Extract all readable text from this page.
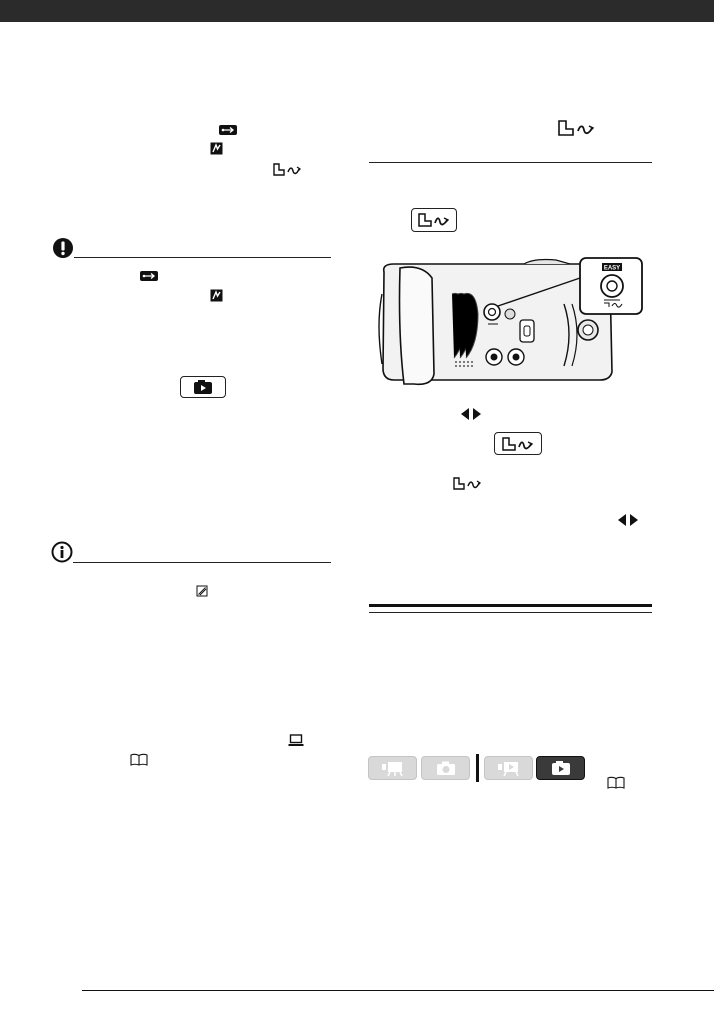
EASY
